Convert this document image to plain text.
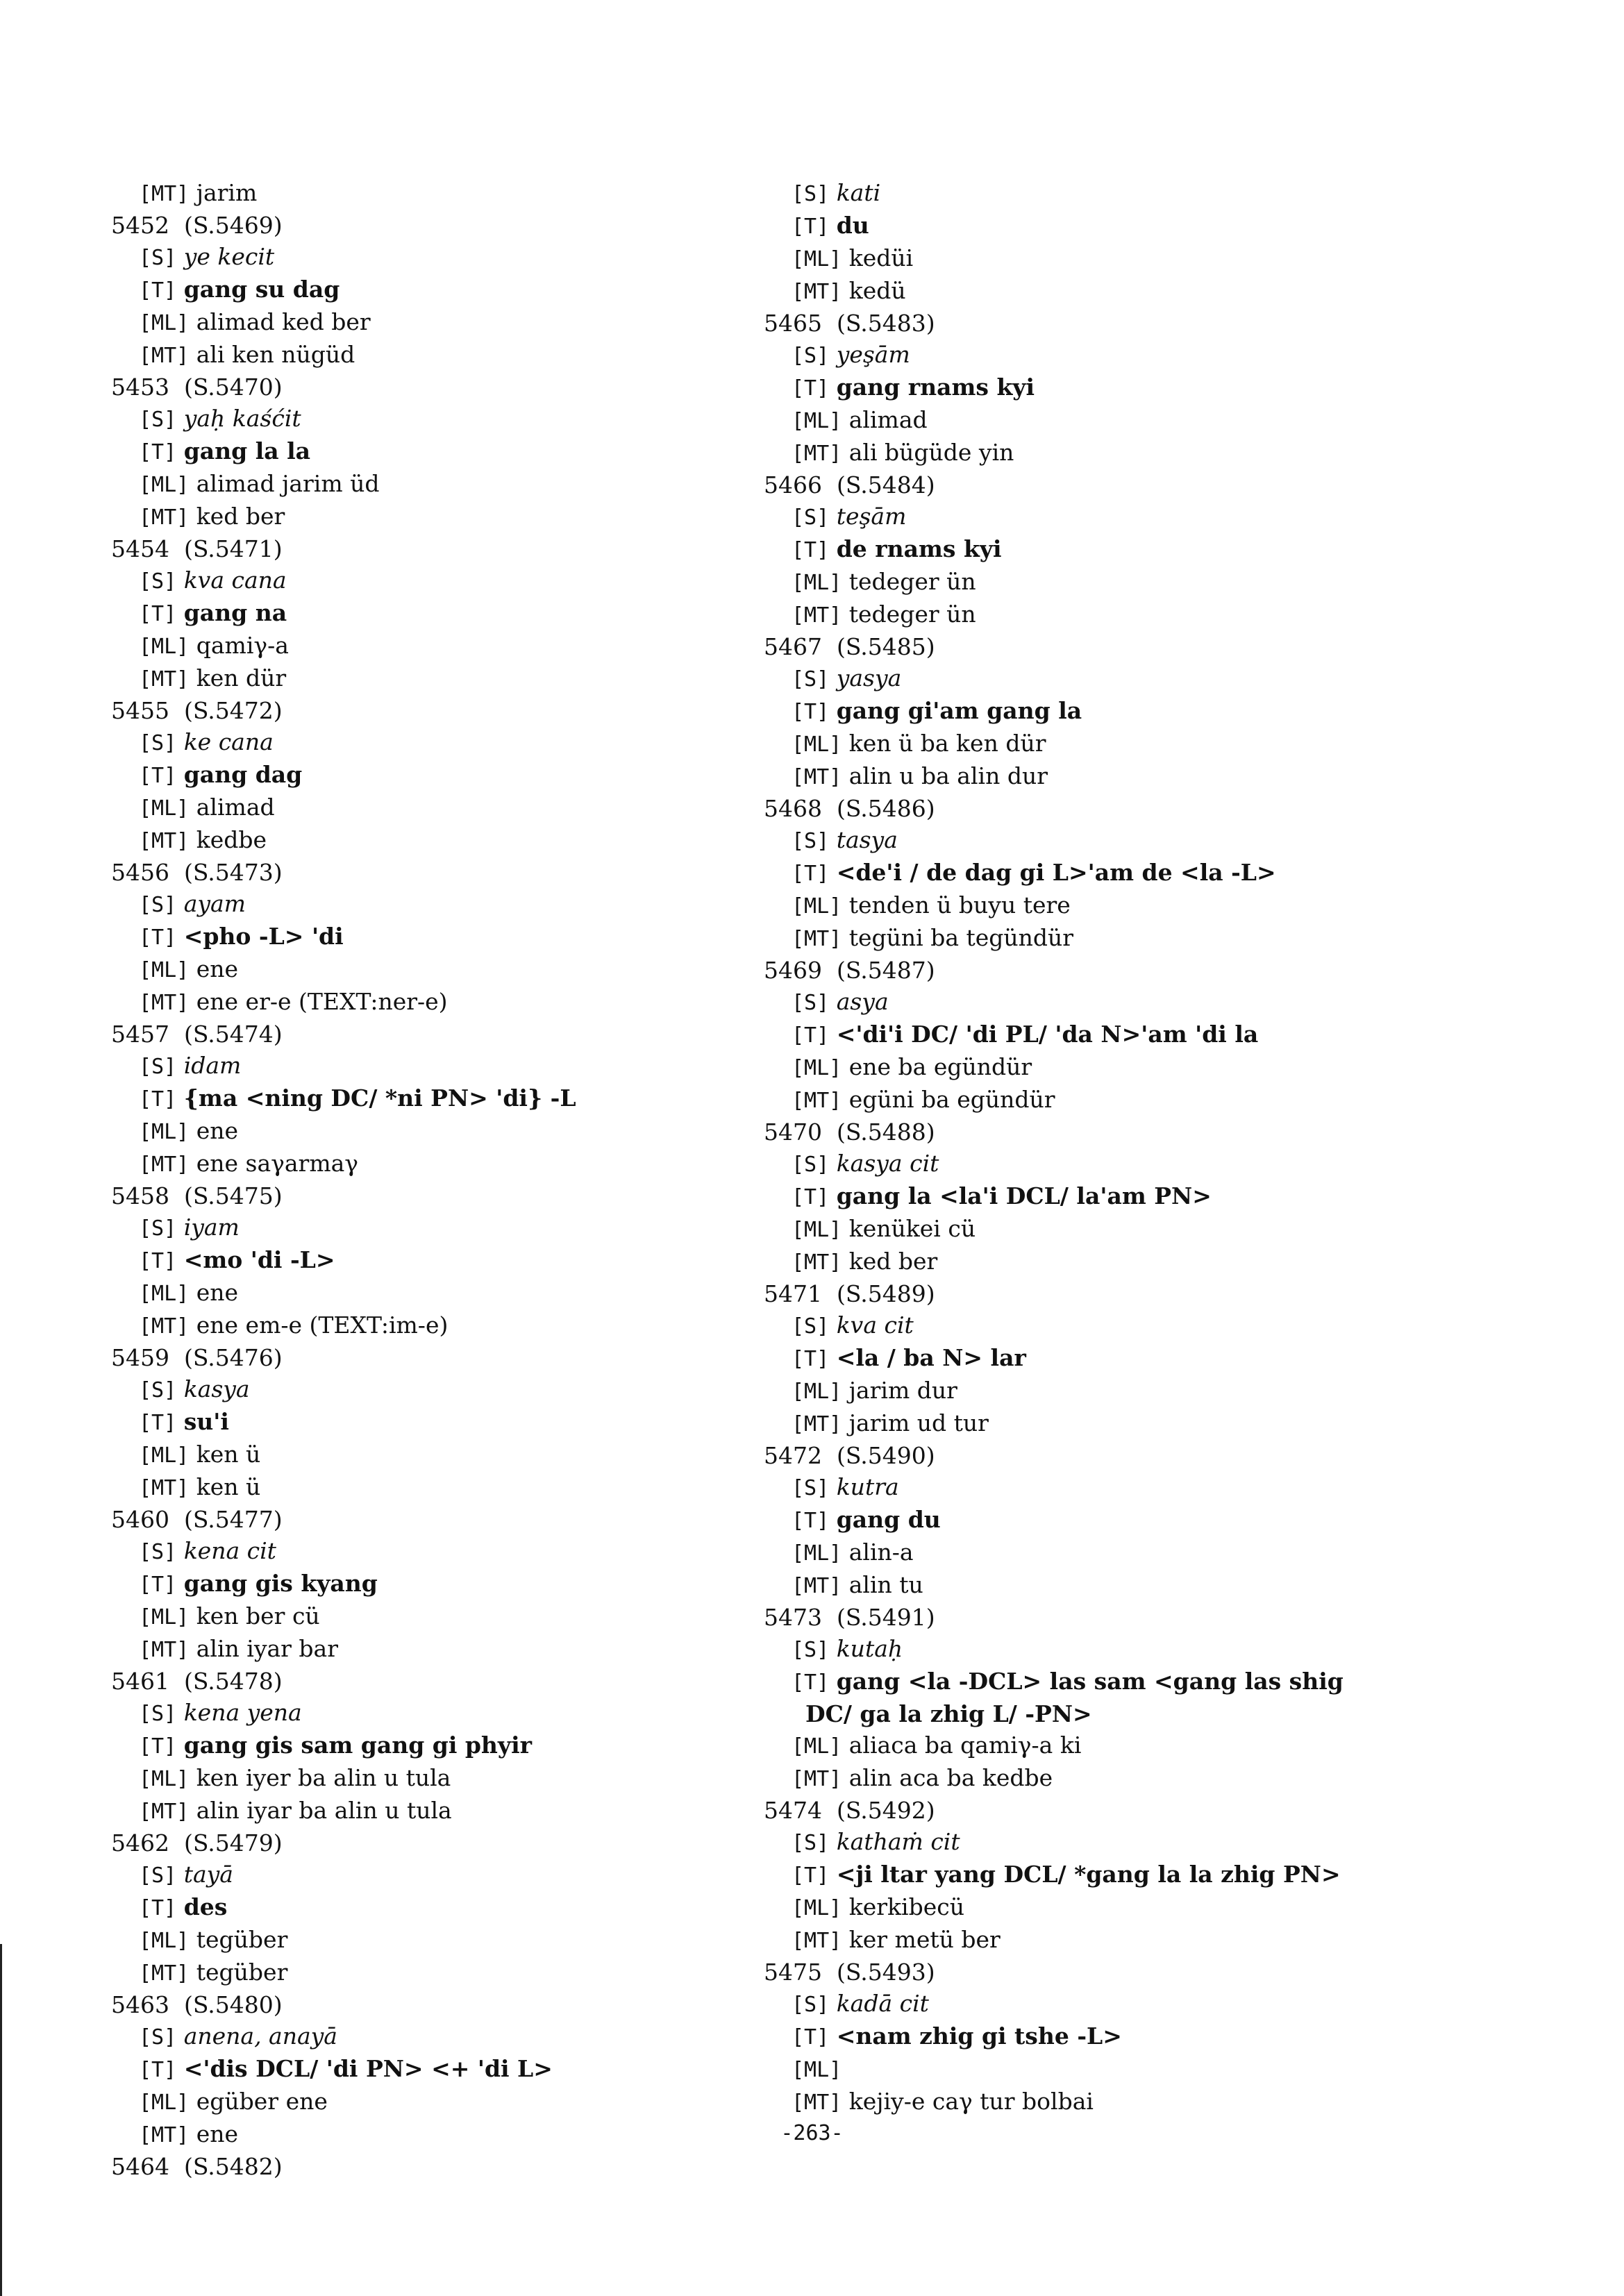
[MT] jarim
5452 (S.5469)
[S] ye kecit
[T] gang su dag
[ML] alimad ked ber
[MT] ali ken nügüd
5453 (S.5470)
[S] yaḥ kaśćit
[T] gang la la
[ML] alimad jarim üd
[MT] ked ber
5454 (S.5471)
[S] kva cana
[T] gang na
[ML] qamiγ-a
[MT] ken dür
5455 (S.5472)
[S] ke cana
[T] gang dag
[ML] alimad
[MT] kedbe
5456 (S.5473)
[S] ayam
[T] <pho -L> 'di
[ML] ene
[MT] ene er-e (TEXT:ner-e)
5457 (S.5474)
[S] idam
[T] {ma <ning DC/ *ni PN> 'di} -L
[ML] ene
[MT] ene saγarmaγ
5458 (S.5475)
[S] iyam
[T] <mo 'di -L>
[ML] ene
[MT] ene em-e (TEXT:im-e)
5459 (S.5476)
[S] kasya
[T] su'i
[ML] ken ü
[MT] ken ü
5460 (S.5477)
[S] kena cit
[T] gang gis kyang
[ML] ken ber cü
[MT] alin iyar bar
5461 (S.5478)
[S] kena yena
[T] gang gis sam gang gi phyir
[ML] ken iyer ba alin u tula
[MT] alin iyar ba alin u tula
5462 (S.5479)
[S] tayā
[T] des
[ML] tegüber
[MT] tegüber
5463 (S.5480)
[S] anena, anayā
[T] <'dis DCL/ 'di PN> <+ 'di L>
[ML] egüber ene
[MT] ene
5464 (S.5482)
[S] kati
[T] du
[ML] kedüi
[MT] kedü
5465 (S.5483)
[S] yeşām
[T] gang rnams kyi
[ML] alimad
[MT] ali bügüde yin
5466 (S.5484)
[S] teşām
[T] de rnams kyi
[ML] tedeger ün
[MT] tedeger ün
5467 (S.5485)
[S] yasya
[T] gang gi'am gang la
[ML] ken ü ba ken dür
[MT] alin u ba alin dur
5468 (S.5486)
[S] tasya
[T] <de'i / de dag gi L>'am de <la -L>
[ML] tenden ü buyu tere
[MT] tegüni ba tegündür
5469 (S.5487)
[S] asya
[T] <'di'i DC/ 'di PL/ 'da N>'am 'di la
[ML] ene ba egündür
[MT] egüni ba egündür
5470 (S.5488)
[S] kasya cit
[T] gang la <la'i DCL/ la'am PN>
[ML] kenükei cü
[MT] ked ber
5471 (S.5489)
[S] kva cit
[T] <la / ba N> lar
[ML] jarim dur
[MT] jarim ud tur
5472 (S.5490)
[S] kutra
[T] gang du
[ML] alin-a
[MT] alin tu
5473 (S.5491)
[S] kutaḥ
[T] gang <la -DCL> las sam <gang las shig
DC/ ga la zhig L/ -PN>
[ML] aliaca ba qamiγ-a ki
[MT] alin aca ba kedbe
5474 (S.5492)
[S] kathaṁ cit
[T] <ji ltar yang DCL/ *gang la la zhig PN>
[ML] kerkibecü
[MT] ker metü ber
5475 (S.5493)
[S] kadā cit
[T] <nam zhig gi tshe -L>
[ML]
[MT] kejiy-e caγ tur bolbai
-263-
